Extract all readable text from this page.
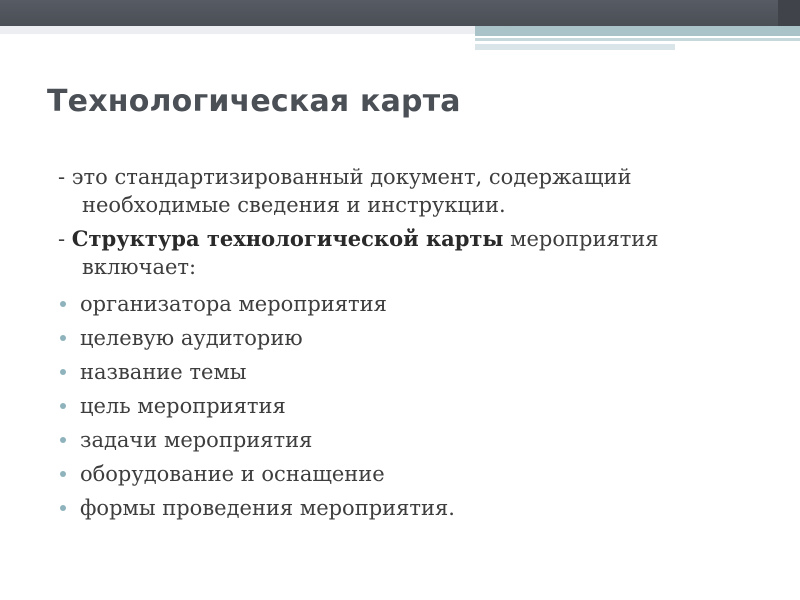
Технологическая карта

- это стандартизированный документ, содержащий необходимые сведения и инструкции.

- Структура технологической карты мероприятия включает:

организатора мероприятия
целевую аудиторию
название темы
цель мероприятия
задачи мероприятия
оборудование и оснащение
формы проведения мероприятия.
